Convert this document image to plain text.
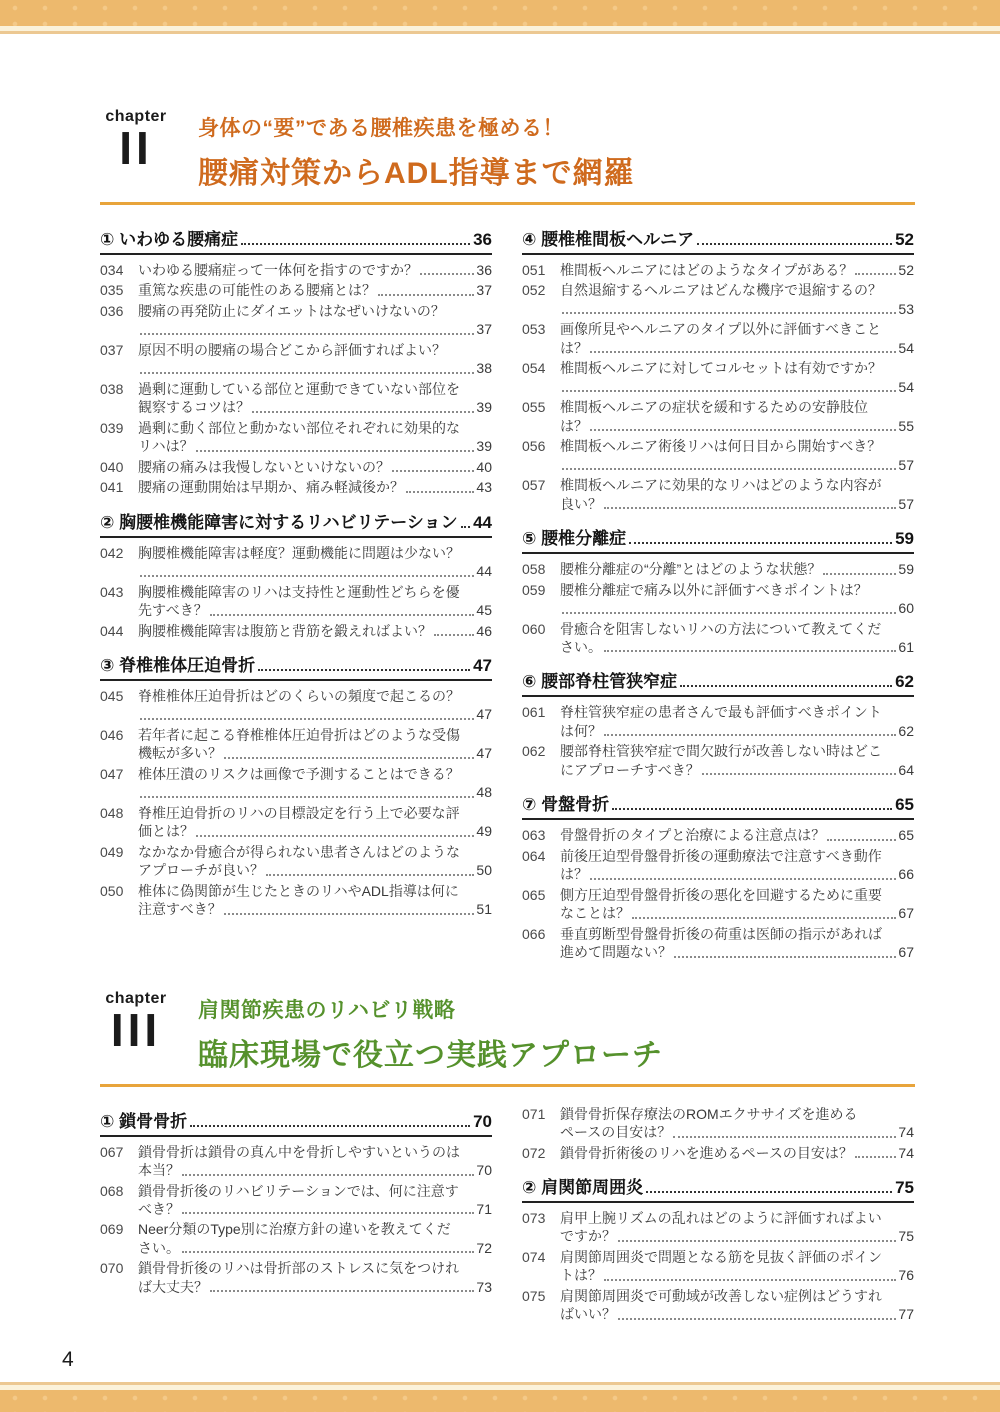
chapter
II 身体の“要”である腰椎疾患を極める！
腰痛対策からADL指導まで網羅
① いわゆる腰痛症	36
034	いわゆる腰痛症って一体何を指すのですか？	36
035	重篤な疾患の可能性のある腰痛とは？	37
036	腰痛の再発防止にダイエットはなぜいけないの？
37
037	原因不明の腰痛の場合どこから評価すればよい？
38
038	過剰に運動している部位と運動できていない部位を
観察するコツは？	39
039	過剰に動く部位と動かない部位それぞれに効果的な
リハは？	39
040	腰痛の痛みは我慢しないといけないの？	40
041	腰痛の運動開始は早期か、痛み軽減後か？	43
② 胸腰椎機能障害に対するリハビリテーション 44
042	胸腰椎機能障害は軽度？運動機能に問題は少ない？
44
043	胸腰椎機能障害のリハは支持性と運動性どちらを優
先すべき？	45
044	胸腰椎機能障害は腹筋と背筋を鍛えればよい？	46
③ 脊椎椎体圧迫骨折	47
045	脊椎椎体圧迫骨折はどのくらいの頻度で起こるの？
47
046	若年者に起こる脊椎椎体圧迫骨折はどのような受傷
機転が多い？	47
047	椎体圧潰のリスクは画像で予測することはできる？
48
048	脊椎圧迫骨折のリハの目標設定を行う上で必要な評
価とは？	49
049	なかなか骨癒合が得られない患者さんはどのような
アプローチが良い？	50
050	椎体に偽関節が生じたときのリハやADL指導は何に
注意すべき？	51
④ 腰椎椎間板ヘルニア	52
051	椎間板ヘルニアにはどのようなタイプがある？	52
052	自然退縮するヘルニアはどんな機序で退縮するの？
53
053	画像所見やヘルニアのタイプ以外に評価すべきこと
は？	54
054	椎間板ヘルニアに対してコルセットは有効ですか？
54
055	椎間板ヘルニアの症状を緩和するための安静肢位
は？	55
056	椎間板ヘルニア術後リハは何日目から開始すべき？
57
057	椎間板ヘルニアに効果的なリハはどのような内容が
良い？	57
⑤ 腰椎分離症	59
058	腰椎分離症の“分離”とはどのような状態？	59
059	腰椎分離症で痛み以外に評価すべきポイントは？
60
060	骨癒合を阻害しないリハの方法について教えてくだ
さい。	61
⑥ 腰部脊柱管狭窄症	62
061	脊柱管狭窄症の患者さんで最も評価すべきポイント
は何？	62
062	腰部脊柱管狭窄症で間欠跛行が改善しない時はどこ
にアプローチすべき？	64
⑦ 骨盤骨折	65
063	骨盤骨折のタイプと治療による注意点は？	65
064	前後圧迫型骨盤骨折後の運動療法で注意すべき動作
は？	66
065	側方圧迫型骨盤骨折後の悪化を回避するために重要
なことは？	67
066	垂直剪断型骨盤骨折後の荷重は医師の指示があれば
進めて問題ない？	67
chapter
III 肩関節疾患のリハビリ戦略
臨床現場で役立つ実践アプローチ
① 鎖骨骨折	70
067	鎖骨骨折は鎖骨の真ん中を骨折しやすいというのは
本当？	70
068	鎖骨骨折後のリハビリテーションでは、何に注意す
べき？	71
069	Neer分類のType別に治療方針の違いを教えてくだ
さい。	72
070	鎖骨骨折後のリハは骨折部のストレスに気をつけれ
ば大丈夫？	73
071	鎖骨骨折保存療法のROMエクササイズを進める
ペースの目安は？	74
072	鎖骨骨折術後のリハを進めるペースの目安は？	74
② 肩関節周囲炎	75
073	肩甲上腕リズムの乱れはどのように評価すればよい
ですか？	75
074	肩関節周囲炎で問題となる筋を見抜く評価のポイン
トは？	76
075	肩関節周囲炎で可動域が改善しない症例はどうすれ
ばいい？	77
4
